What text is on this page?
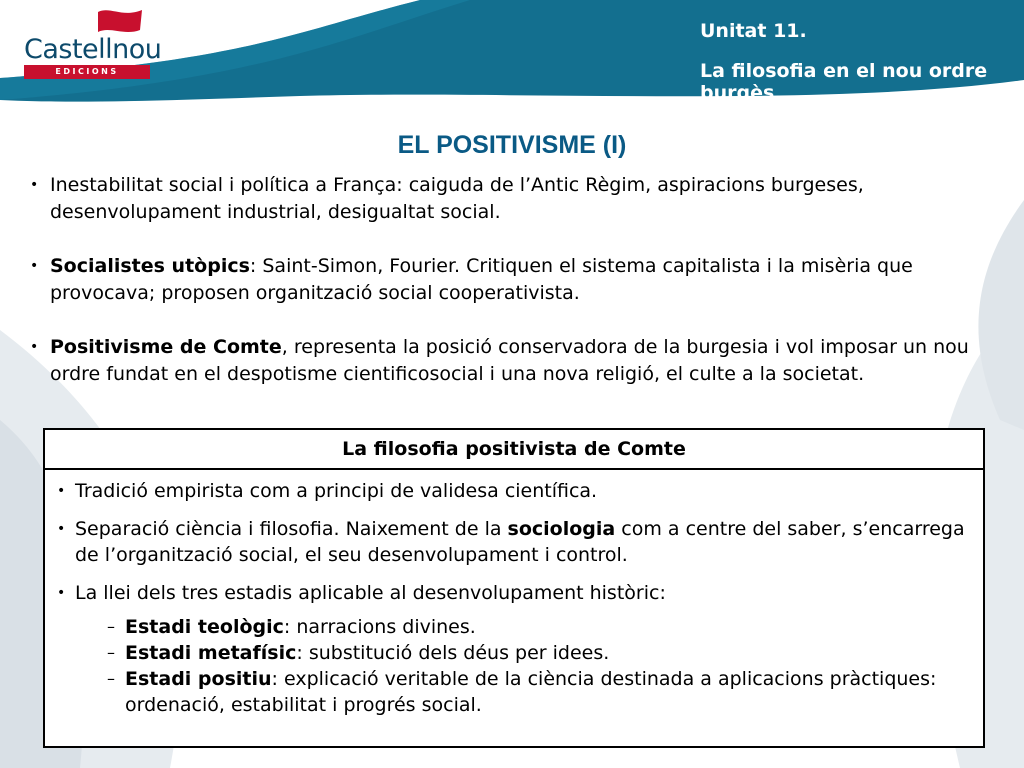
Castellnou
EDICIONS
Unitat 11.
La filosofia en el nou ordre burgès
EL POSITIVISME (I)
• Inestabilitat social i política a França: caiguda de l’Antic Règim, aspiracions burgeses, desenvolupament industrial, desigualtat social.
• Socialistes utòpics: Saint-Simon, Fourier. Critiquen el sistema capitalista i la misèria que provocava; proposen organització social cooperativista.
• Positivisme de Comte, representa la posició conservadora de la burgesia i vol imposar un nou ordre fundat en el despotisme cientificosocial i una nova religió, el culte a la societat.
La filosofia positivista de Comte
• Tradició empirista com a principi de validesa científica.
• Separació ciència i filosofia. Naixement de la sociologia com a centre del saber, s’encarrega de l’organització social, el seu desenvolupament i control.
• La llei dels tres estadis aplicable al desenvolupament històric:
– Estadi teològic: narracions divines.
– Estadi metafísic: substitució dels déus per idees.
– Estadi positiu: explicació veritable de la ciència destinada a aplicacions pràctiques: ordenació, estabilitat i progrés social.
